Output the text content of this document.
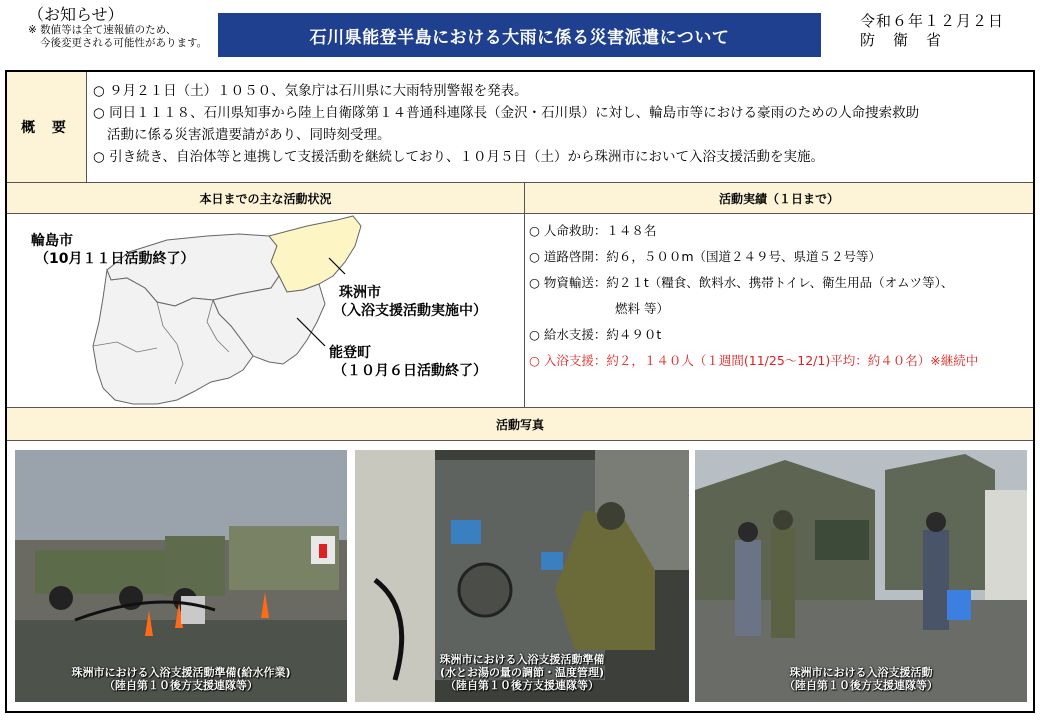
（お知らせ）
※ 数値等は全て速報値のため、
今後変更される可能性があります。	石川県能登半島における大雨に係る災害派遣について
令和６年１２月２日
防衛省
概 要
○ ９月２１日（土）１０５０、気象庁は石川県に大雨特別警報を発表。
○ 同日１１１８、石川県知事から陸上自衛隊第１４普通科連隊長（金沢・石川県）に対し、輪島市等における豪雨のための人命捜索救助
活動に係る災害派遣要請があり、同時刻受理。
○ 引き続き、自治体等と連携して支援活動を継続しており、１０月５日（土）から珠洲市において入浴支援活動を実施。
本日までの主な活動状況	活動実績（１日まで）
輪島市
（10月１１日活動終了）
珠洲市
（入浴支援活動実施中）
能登町
（１０月６日活動終了）
○ 人命救助：１４８名
○ 道路啓開：約６，５００m（国道２４９号、県道５２号等）
○ 物資輸送：約２１t（糧食、飲料水、携帯トイレ、衛生用品（オムツ等）、
燃料 等）
○ 給水支援：約４９０t
○ 入浴支援：約２，１４０人（１週間(11/25～12/1)平均：約４０名）※継続中
活動写真
珠洲市における入浴支援活動準備(給水作業)
（陸自第１０後方支援連隊等）
珠洲市における入浴支援活動準備
(水とお湯の量の調節・温度管理)
（陸自第１０後方支援連隊等）
珠洲市における入浴支援活動
（陸自第１０後方支援連隊等）
